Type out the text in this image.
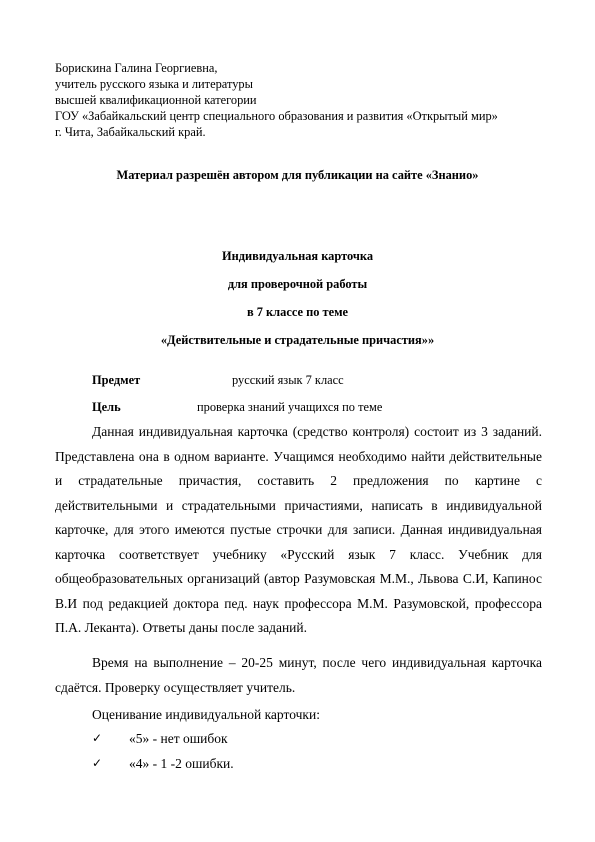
Борискина Галина Георгиевна,
учитель русского языка и литературы
высшей квалификационной категории
ГОУ «Забайкальский центр специального образования и развития «Открытый мир»
г. Чита, Забайкальский край.
Материал разрешён автором для публикации на сайте «Знанио»
Индивидуальная карточка
для проверочной работы
в 7 классе по теме
«Действительные и страдательные причастия»»
Предмет	русский язык 7 класс
Цель	проверка знаний учащихся по теме
Данная индивидуальная карточка (средство контроля) состоит из 3 заданий. Представлена она в одном варианте. Учащимся необходимо найти действительные и страдательные причастия, составить 2 предложения по картине с действительными и страдательными причастиями, написать в индивидуальной карточке, для этого имеются пустые строчки для записи. Данная индивидуальная карточка соответствует учебнику «Русский язык 7 класс. Учебник для общеобразовательных организаций (автор Разумовская М.М., Львова С.И, Капинос В.И под редакцией доктора пед. наук профессора М.М. Разумовской, профессора П.А. Леканта). Ответы даны после заданий.
Время на выполнение – 20-25 минут, после чего индивидуальная карточка сдаётся. Проверку осуществляет учитель.
Оценивание индивидуальной карточки:
✓ «5» - нет ошибок
✓ «4» - 1 -2 ошибки.
